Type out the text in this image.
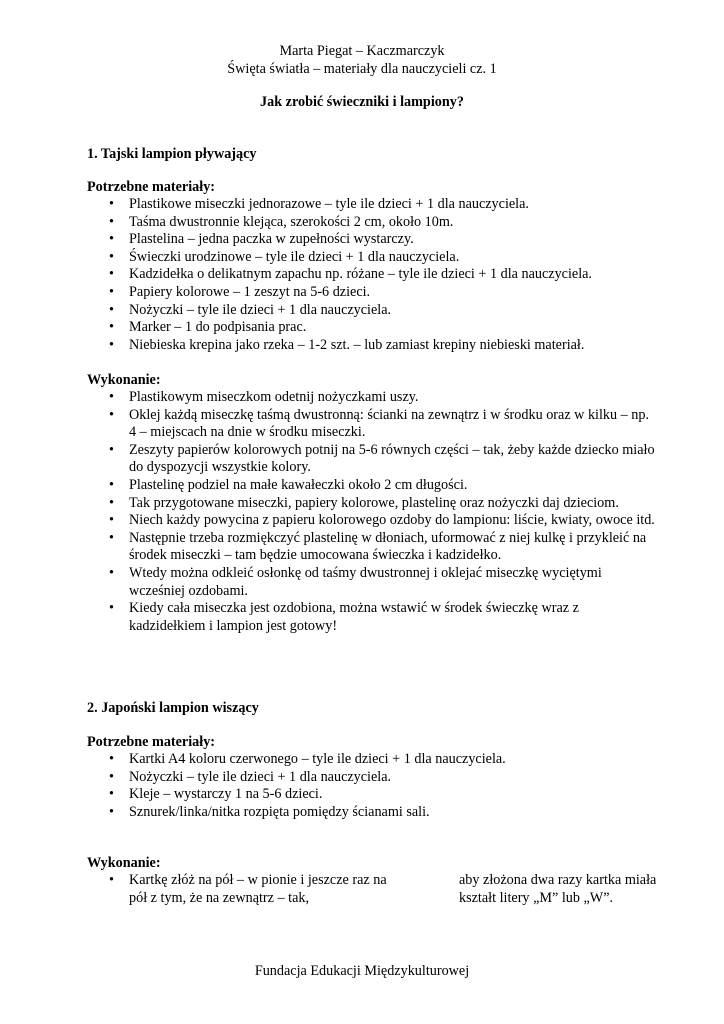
Marta Piegat – Kaczmarczyk
Święta światła – materiały dla nauczycieli cz. 1
Jak zrobić świeczniki i lampiony?
1. Tajski lampion pływający
Potrzebne materiały:
• Plastikowe miseczki jednorazowe – tyle ile dzieci + 1 dla nauczyciela.
• Taśma dwustronnie klejąca, szerokości 2 cm, około 10m.
• Plastelina – jedna paczka w zupełności wystarczy.
• Świeczki urodzinowe – tyle ile dzieci + 1 dla nauczyciela.
• Kadzidełka o delikatnym zapachu np. różane – tyle ile dzieci + 1 dla nauczyciela.
• Papiery kolorowe – 1 zeszyt na 5-6 dzieci.
• Nożyczki – tyle ile dzieci + 1 dla nauczyciela.
• Marker – 1 do podpisania prac.
• Niebieska krepina jako rzeka – 1-2 szt. – lub zamiast krepiny niebieski materiał.
Wykonanie:
• Plastikowym miseczkom odetnij nożyczkami uszy.
• Oklej każdą miseczkę taśmą dwustronną: ścianki na zewnątrz i w środku oraz w kilku – np. 4 – miejscach na dnie w środku miseczki.
• Zeszyty papierów kolorowych potnij na 5-6 równych części – tak, żeby każde dziecko miało do dyspozycji wszystkie kolory.
• Plastelinę podziel na małe kawałeczki około 2 cm długości.
• Tak przygotowane miseczki, papiery kolorowe, plastelinę oraz nożyczki daj dzieciom.
• Niech każdy powycina z papieru kolorowego ozdoby do lampionu: liście, kwiaty, owoce itd.
• Następnie trzeba rozmiękczyć plastelinę w dłoniach, uformować z niej kulkę i przykleić na środek miseczki – tam będzie umocowana świeczka i kadzidełko.
• Wtedy można odkleić osłonkę od taśmy dwustronnej i oklejać miseczkę wyciętymi wcześniej ozdobami.
• Kiedy cała miseczka jest ozdobiona, można wstawić w środek świeczkę wraz z kadzidełkiem i lampion jest gotowy!
2. Japoński lampion wiszący
Potrzebne materiały:
• Kartki A4 koloru czerwonego – tyle ile dzieci + 1 dla nauczyciela.
• Nożyczki – tyle ile dzieci + 1 dla nauczyciela.
• Kleje – wystarczy 1 na 5-6 dzieci.
• Sznurek/linka/nitka rozpięta pomiędzy ścianami sali.
Wykonanie:
• Kartkę złóż na pół – w pionie i jeszcze raz na pół z tym, że na zewnątrz – tak,
aby złożona dwa razy kartka miała kształt litery „M” lub „W”.
Fundacja Edukacji Międzykulturowej
